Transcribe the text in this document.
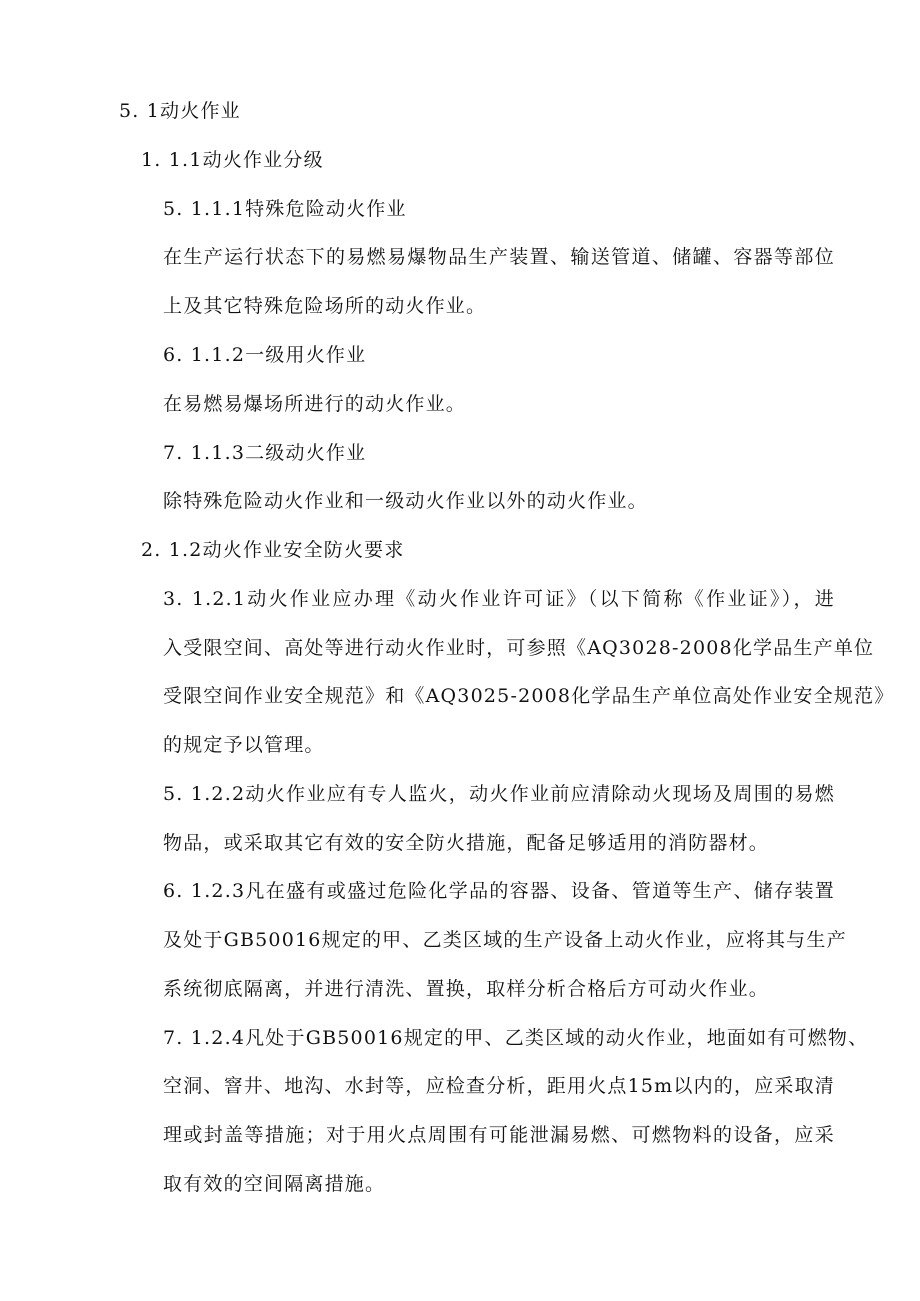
5. 1动火作业
1. 1.1动火作业分级
5. 1.1.1特殊危险动火作业
在生产运行状态下的易燃易爆物品生产装置、输送管道、储罐、容器等部位
上及其它特殊危险场所的动火作业。
6. 1.1.2一级用火作业
在易燃易爆场所进行的动火作业。
7. 1.1.3二级动火作业
除特殊危险动火作业和一级动火作业以外的动火作业。
2. 1.2动火作业安全防火要求
3. 1.2.1动火作业应办理《动火作业许可证》（以下简称《作业证》），进
入受限空间、高处等进行动火作业时，可参照《AQ3028-2008化学品生产单位
受限空间作业安全规范》和《AQ3025-2008化学品生产单位高处作业安全规范》
的规定予以管理。
5. 1.2.2动火作业应有专人监火，动火作业前应清除动火现场及周围的易燃
物品，或采取其它有效的安全防火措施，配备足够适用的消防器材。
6. 1.2.3凡在盛有或盛过危险化学品的容器、设备、管道等生产、储存装置
及处于GB50016规定的甲、乙类区域的生产设备上动火作业，应将其与生产
系统彻底隔离，并进行清洗、置换，取样分析合格后方可动火作业。
7. 1.2.4凡处于GB50016规定的甲、乙类区域的动火作业，地面如有可燃物、
空洞、窨井、地沟、水封等，应检查分析，距用火点15m以内的，应采取清
理或封盖等措施；对于用火点周围有可能泄漏易燃、可燃物料的设备，应采
取有效的空间隔离措施。
